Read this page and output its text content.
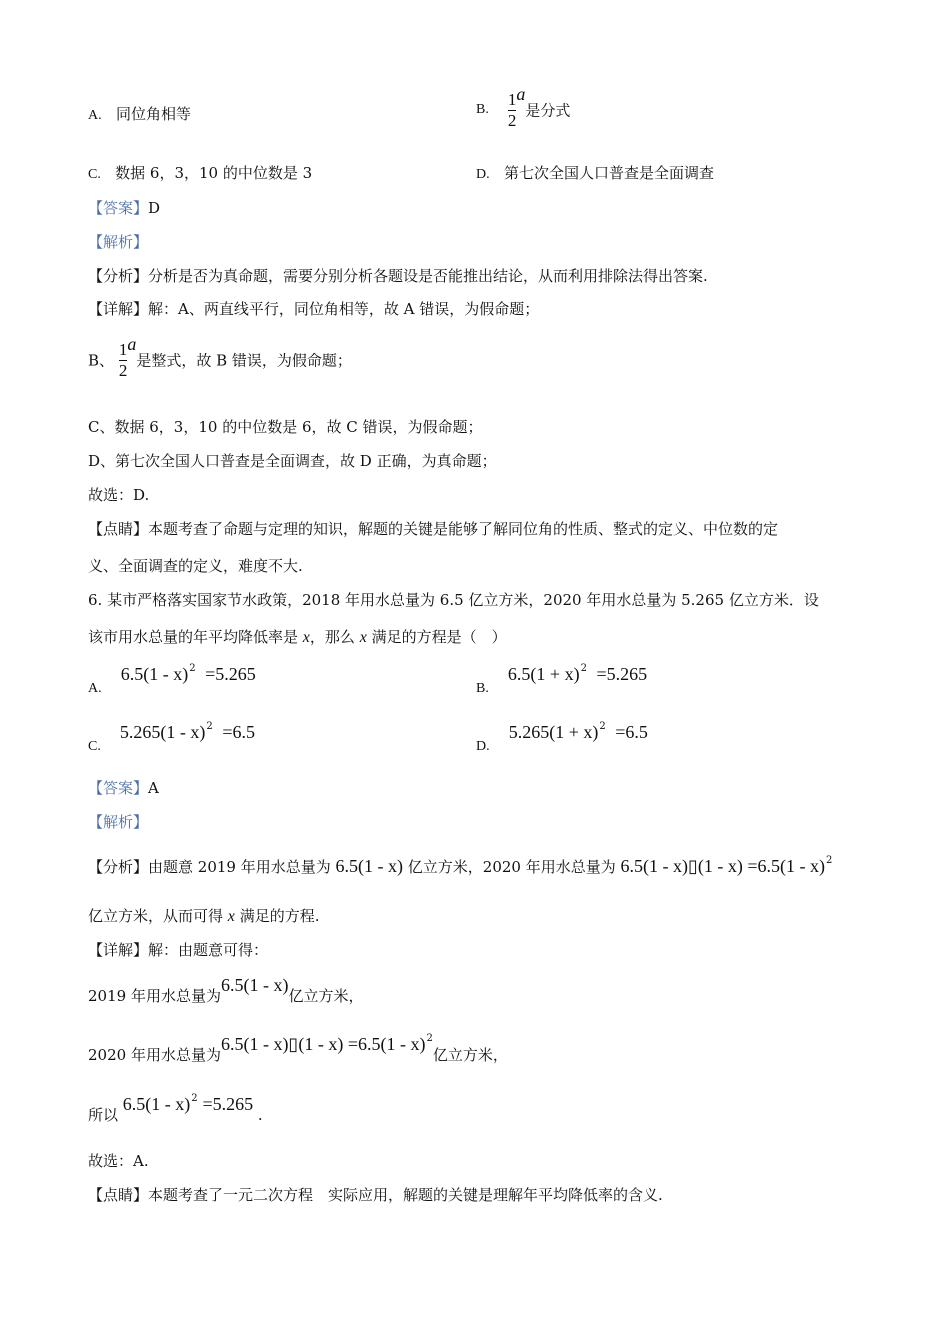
A. 同位角相等	B. $\frac{1}{2}$ a是分式
C. 数据 6，3，10 的中位数是 3	D. 第七次全国人口普查是全面调查
【答案】D
【解析】
【分析】分析是否为真命题，需要分别分析各题设是否能推出结论，从而利用排除法得出答案.
【详解】解：A、两直线平行，同位角相等，故 A 错误，为假命题；
B、 $\frac{1}{2}$ a是整式，故 B 错误，为假命题；
C、数据 6，3，10 的中位数是 6，故 C 错误，为假命题；
D、第七次全国人口普查是全面调查，故 D 正确，为真命题；
故选：D.
【点睛】本题考查了命题与定理的知识，解题的关键是能够了解同位角的性质、整式的定义、中位数的定
义、全面调查的定义，难度不大.
6. 某市严格落实国家节水政策，2018 年用水总量为 6.5 亿立方米，2020 年用水总量为 5.265 亿立方米．设
该市用水总量的年平均降低率是 x，那么 x 满足的方程是（　）
A.    6.5(1 - x)$^2$ =5.265
B.    $6.5(1 + x)^2 =5.265$
C.    5.265(1 - x)$^2$ =6.5
D.    $5.265(1 + x)^2 =6.5$
【答案】A
【解析】
【分析】由题意 2019 年用水总量为 6.5(1 - x) 亿立方米，2020 年用水总量为 6.5(1 - x)▯(1 - x) =6.5(1 - x)$^2$
亿立方米，从而可得 x 满足的方程.
【详解】解：由题意可得：
2019 年用水总量为6.5(1 - x)亿立方米，
2020 年用水总量为6.5(1 - x)▯(1 - x) =6.5(1 - x)$^2$亿立方米，
所以 6.5(1 - x)$^2$ =5.265 .
故选：A.
【点睛】本题考查了一元二次方程　实际应用，解题的关键是理解年平均降低率的含义.
